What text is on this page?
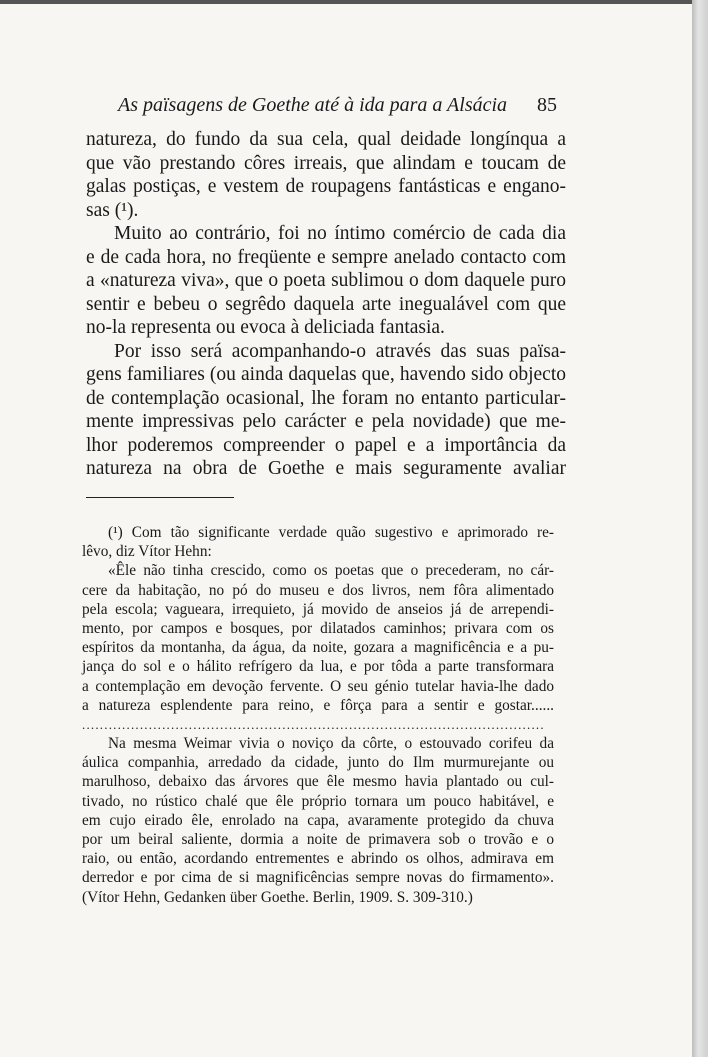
As païsagens de Goethe até à ida para a Alsácia	85
natureza, do fundo da sua cela, qual deidade longínqua a
que vão prestando côres irreais, que alindam e toucam de
galas postiças, e vestem de roupagens fantásticas e engano-
sas (¹).
Muito ao contrário, foi no íntimo comércio de cada dia
e de cada hora, no freqüente e sempre anelado contacto com
a «natureza viva», que o poeta sublimou o dom daquele puro
sentir e bebeu o segrêdo daquela arte inegualável com que
no-la representa ou evoca à deliciada fantasia.
Por isso será acompanhando-o através das suas païsa-
gens familiares (ou ainda daquelas que, havendo sido objecto
de contemplação ocasional, lhe foram no entanto particular-
mente impressivas pelo carácter e pela novidade) que me-
lhor poderemos compreender o papel e a importância da
natureza na obra de Goethe e mais seguramente avaliar
(¹) Com tão significante verdade quão sugestivo e aprimorado re-
lêvo, diz Vítor Hehn:
«Êle não tinha crescido, como os poetas que o precederam, no cár-
cere da habitação, no pó do museu e dos livros, nem fôra alimentado
pela escola; vagueara, irrequieto, já movido de anseios já de arrependi-
mento, por campos e bosques, por dilatados caminhos; privara com os
espíritos da montanha, da água, da noite, gozara a magnificência e a pu-
jança do sol e o hálito refrígero da lua, e por tôda a parte transformara
a contemplação em devoção fervente. O seu génio tutelar havia-lhe dado
a natureza esplendente para reino, e fôrça para a sentir e gostar......
........................................................................................................
Na mesma Weimar vivia o noviço da côrte, o estouvado corifeu da
áulica companhia, arredado da cidade, junto do Ilm murmurejante ou
marulhoso, debaixo das árvores que êle mesmo havia plantado ou cul-
tivado, no rústico chalé que êle próprio tornara um pouco habitável, e
em cujo eirado êle, enrolado na capa, avaramente protegido da chuva
por um beiral saliente, dormia a noite de primavera sob o trovão e o
raio, ou então, acordando entrementes e abrindo os olhos, admirava em
derredor e por cima de si magnificências sempre novas do firmamento».
(Vítor Hehn, Gedanken über Goethe. Berlin, 1909. S. 309-310.)
